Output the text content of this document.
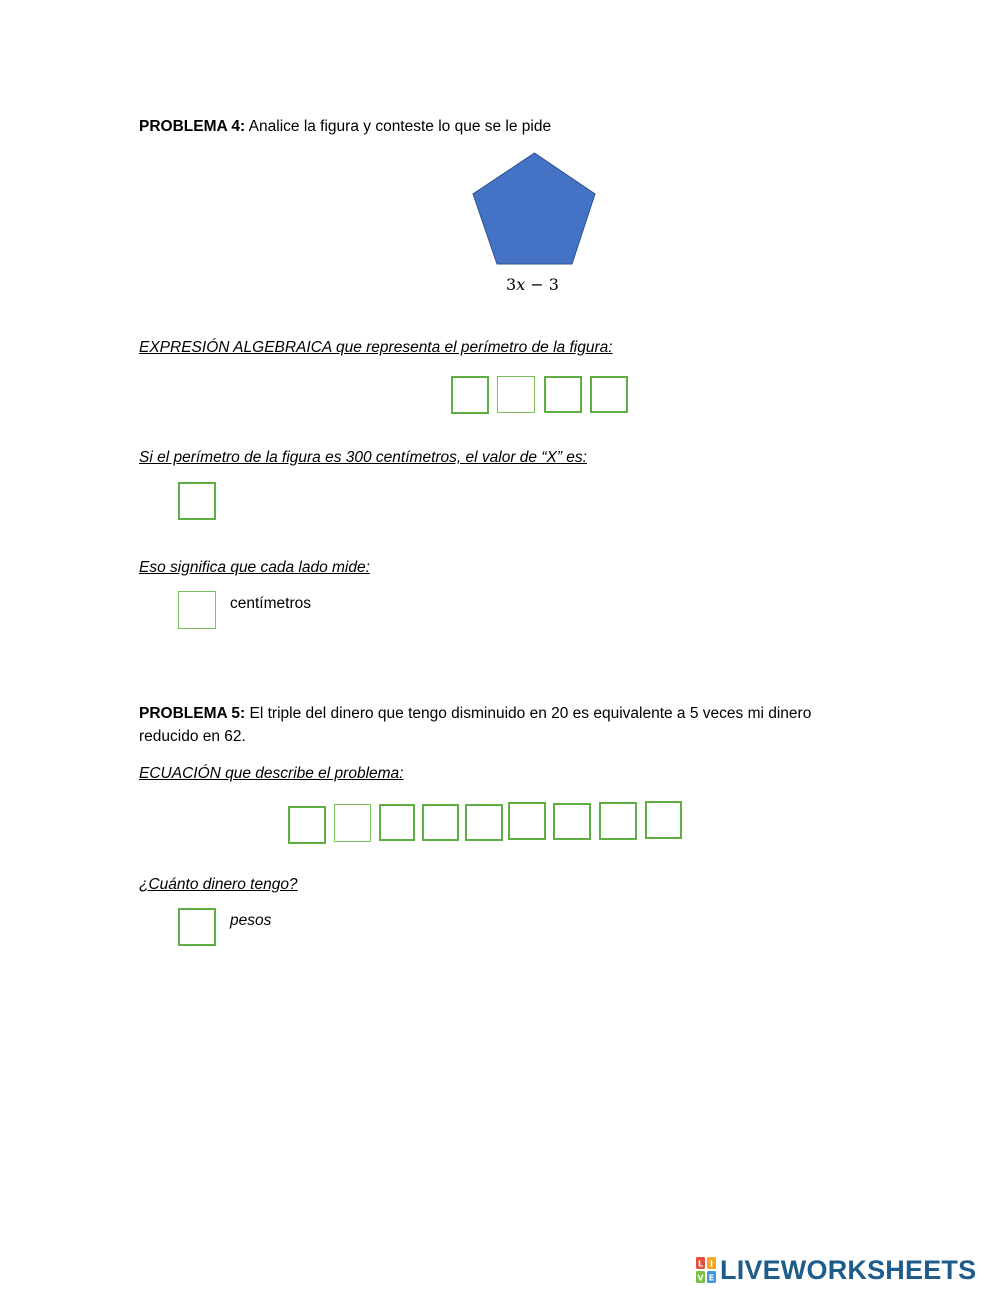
PROBLEMA 4: Analice la figura y conteste lo que se le pide
3x − 3
EXPRESIÓN ALGEBRAICA que representa el perímetro de la figura:
Si el perímetro de la figura es 300 centímetros, el valor de “X” es:
Eso significa que cada lado mide:
centímetros
PROBLEMA 5: El triple del dinero que tengo disminuido en 20 es equivalente a 5 veces mi dinero
reducido en 62.
ECUACIÓN que describe el problema:
¿Cuánto dinero tengo?
pesos
L I
V E LIVEWORKSHEETS
